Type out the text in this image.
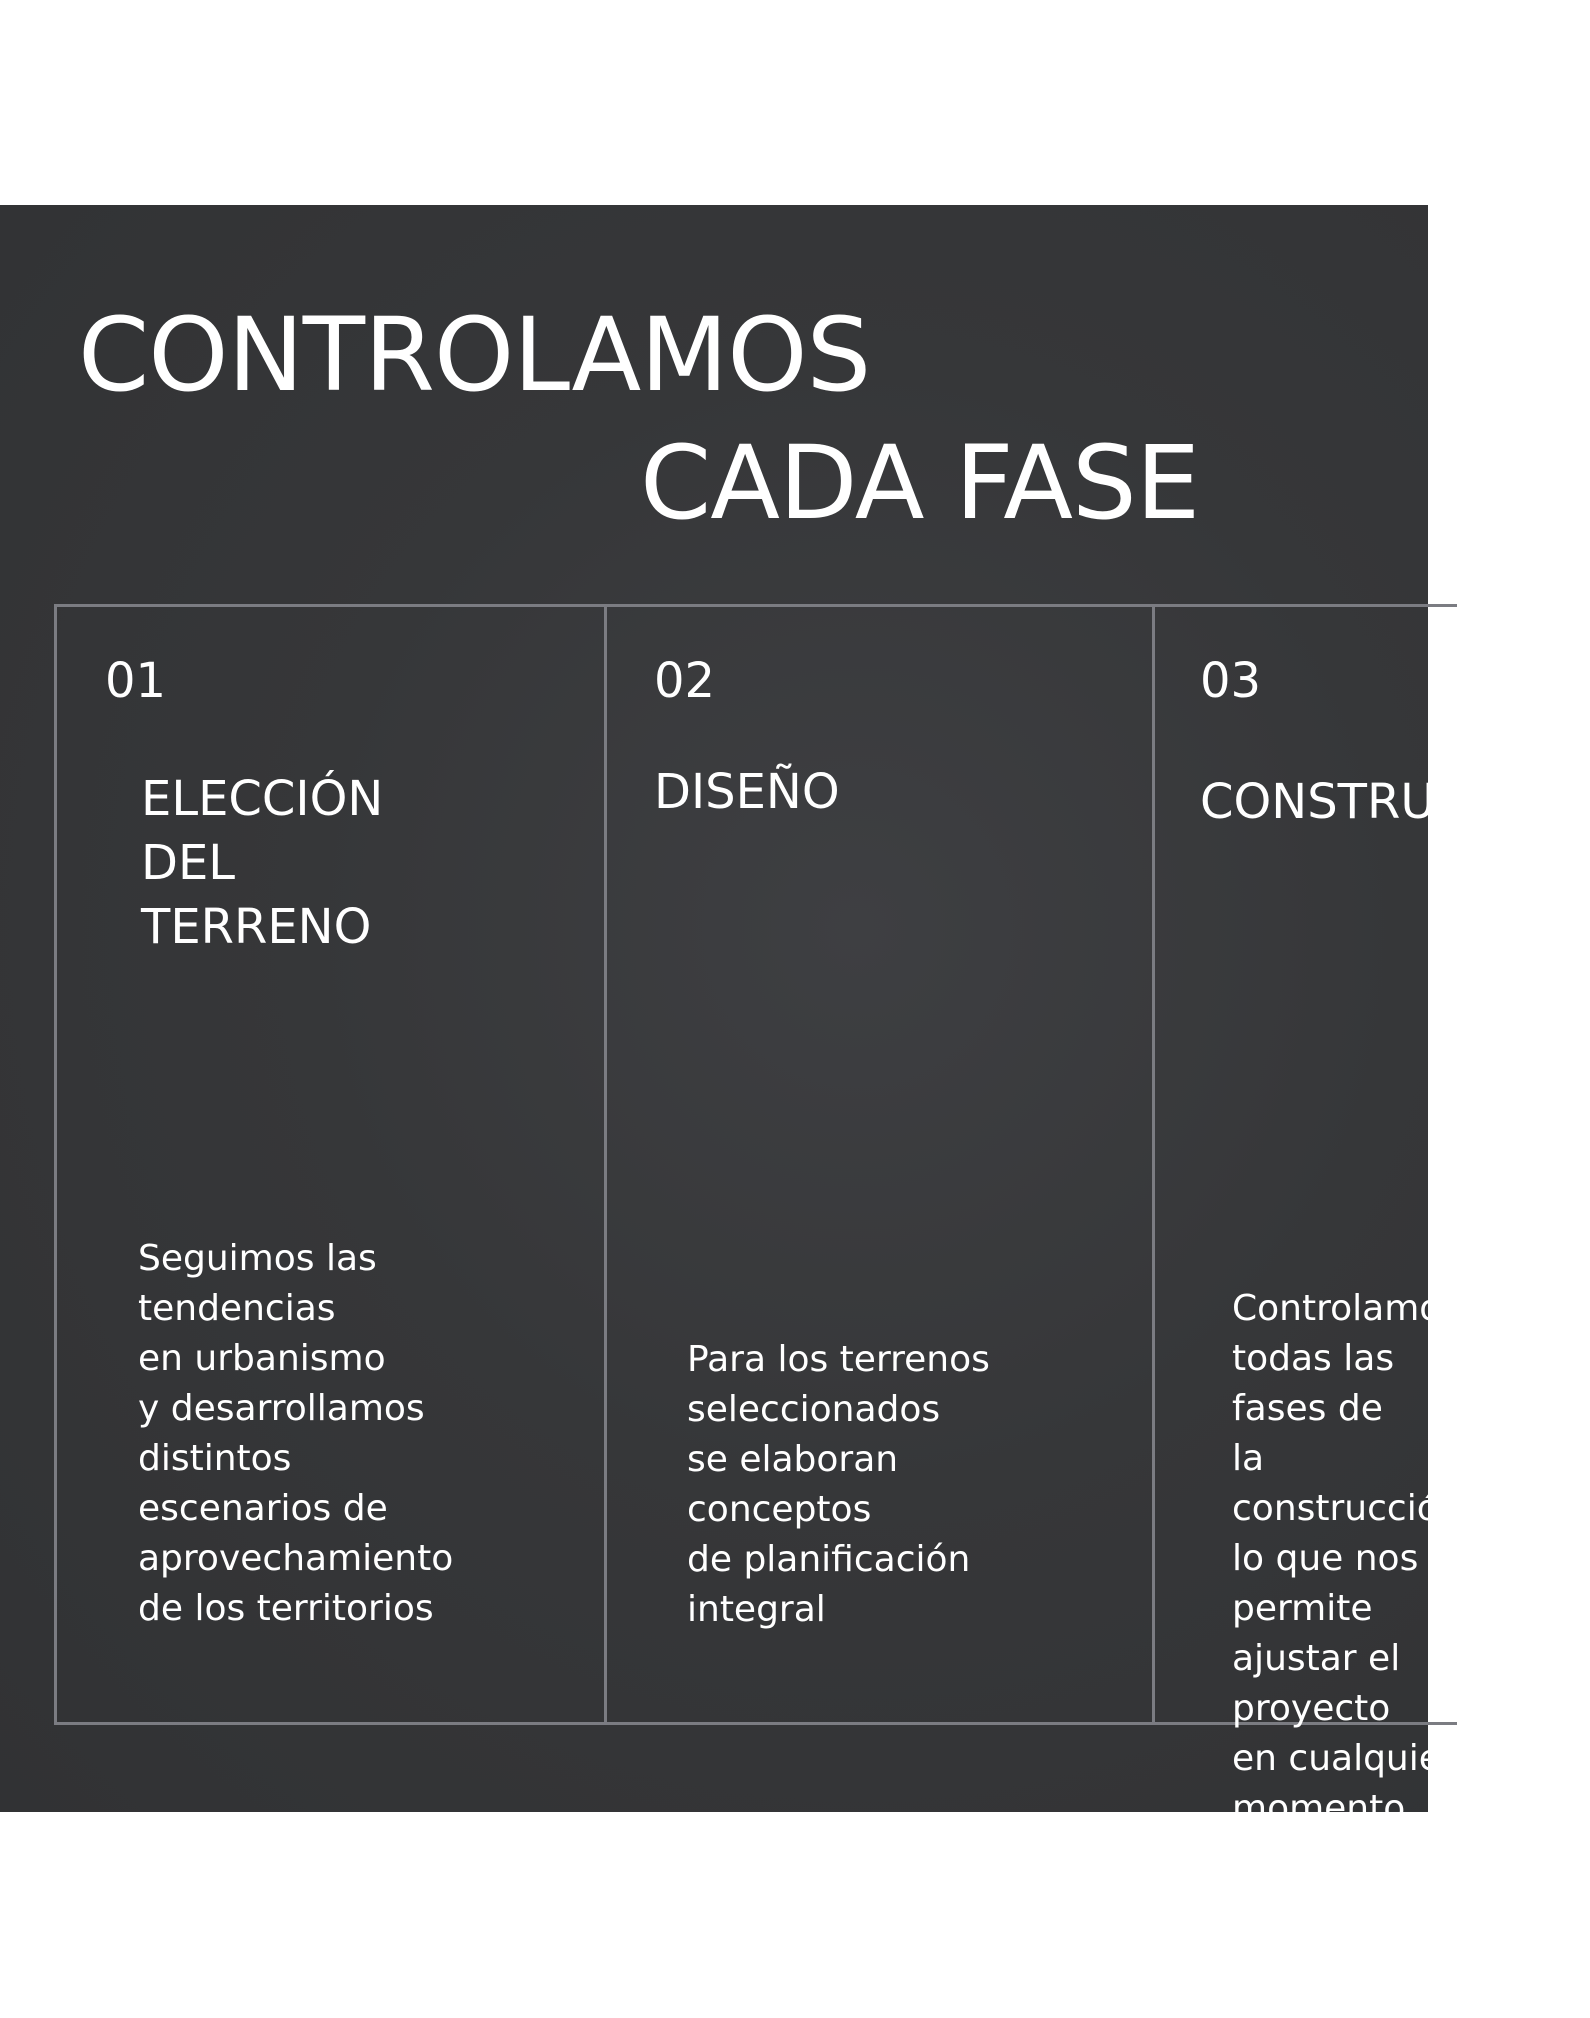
CONTROLAMOS
CADA FASE
01
ELECCIÓN
DEL
TERRENO
Seguimos las
tendencias
en urbanismo
y desarrollamos
distintos
escenarios de
aprovechamiento
de los territorios
02
DISEÑO
Para los terrenos
seleccionados
se elaboran
conceptos
de planificación
integral
03
CONSTRUCCIÓN
Controlamos
todas las fases de
la construcción,
lo que nos permite
ajustar el proyecto
en cualquier
momento
